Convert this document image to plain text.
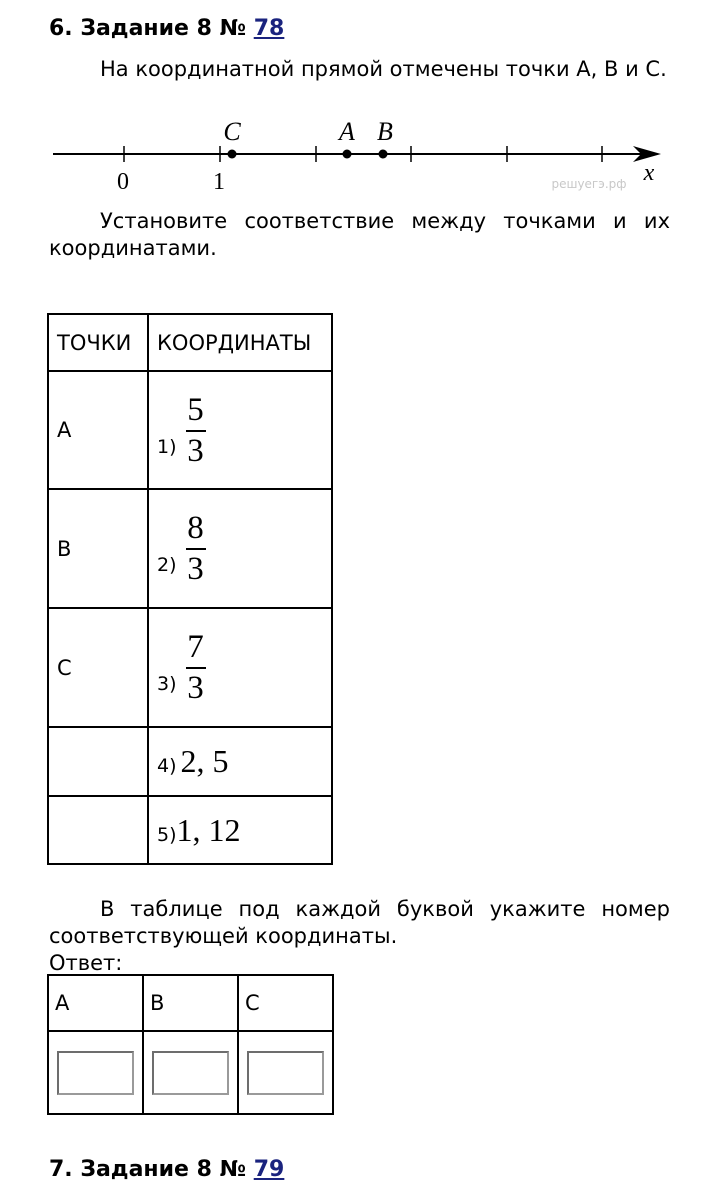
6. Задание 8 № 78
На координатной прямой отмечены точки A, B и C.
0	1
C	A B
x
решуегэ.рф
Установите соответствие между точками и их координатами.
ТОЧКИ	КООРДИНАТЫ
A	$1) \frac{5}{3}$

B	$2) \frac{8}{3}$

C	$3) \frac{7}{3}$

	4) 2, 5
	5)1, 12
В таблице под каждой буквой укажите номер соответствующей координаты.
Ответ:
A	B	C

7. Задание 8 № 79
